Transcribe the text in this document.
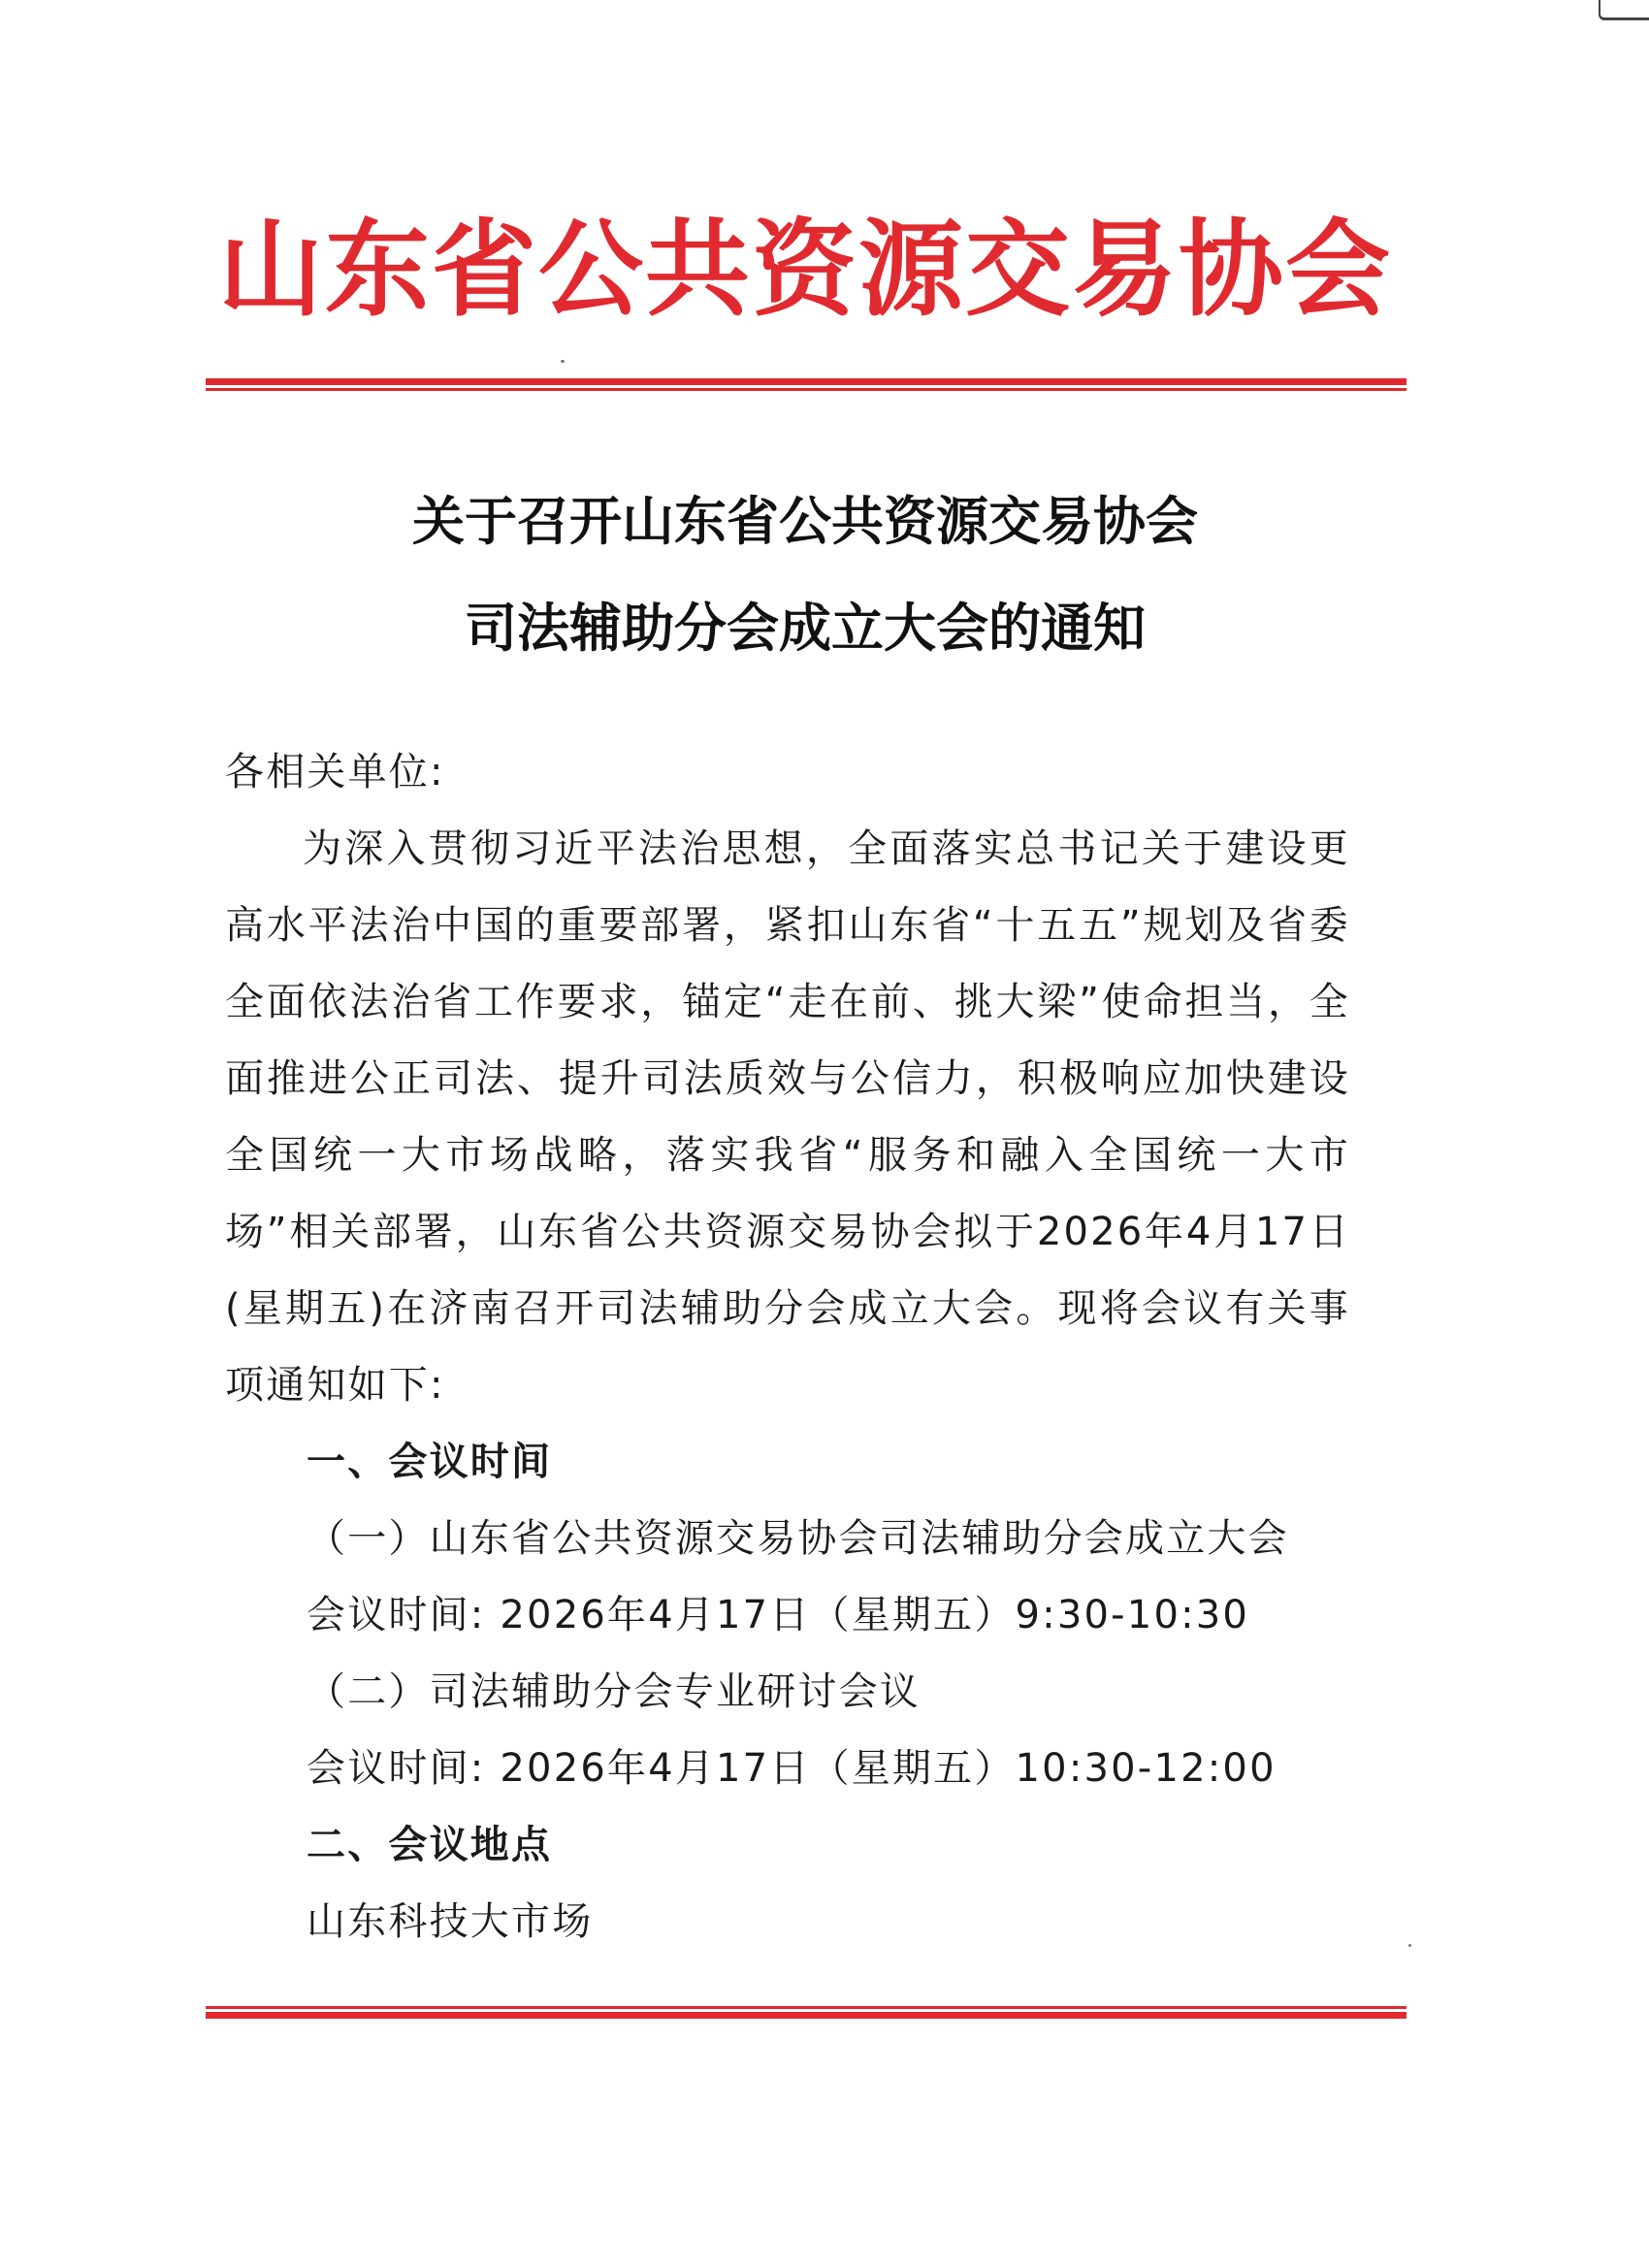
山东省公共资源交易协会
关于召开山东省公共资源交易协会
司法辅助分会成立大会的通知

各相关单位:

为深入贯彻习近平法治思想，全面落实总书记关于建设更高水平法治中国的重要部署，紧扣山东省“十五五”规划及省委全面依法治省工作要求，锚定“走在前、挑大梁”使命担当，全面推进公正司法、提升司法质效与公信力，积极响应加快建设全国统一大市场战略，落实我省“服务和融入全国统一大市场”相关部署，山东省公共资源交易协会拟于2026年4月17日(星期五)在济南召开司法辅助分会成立大会。现将会议有关事项通知如下:

一、会议时间

（一）山东省公共资源交易协会司法辅助分会成立大会

会议时间: 2026年4月17日（星期五）9:30-10:30

（二）司法辅助分会专业研讨会议

会议时间: 2026年4月17日（星期五）10:30-12:00

二、会议地点

山东科技大市场
